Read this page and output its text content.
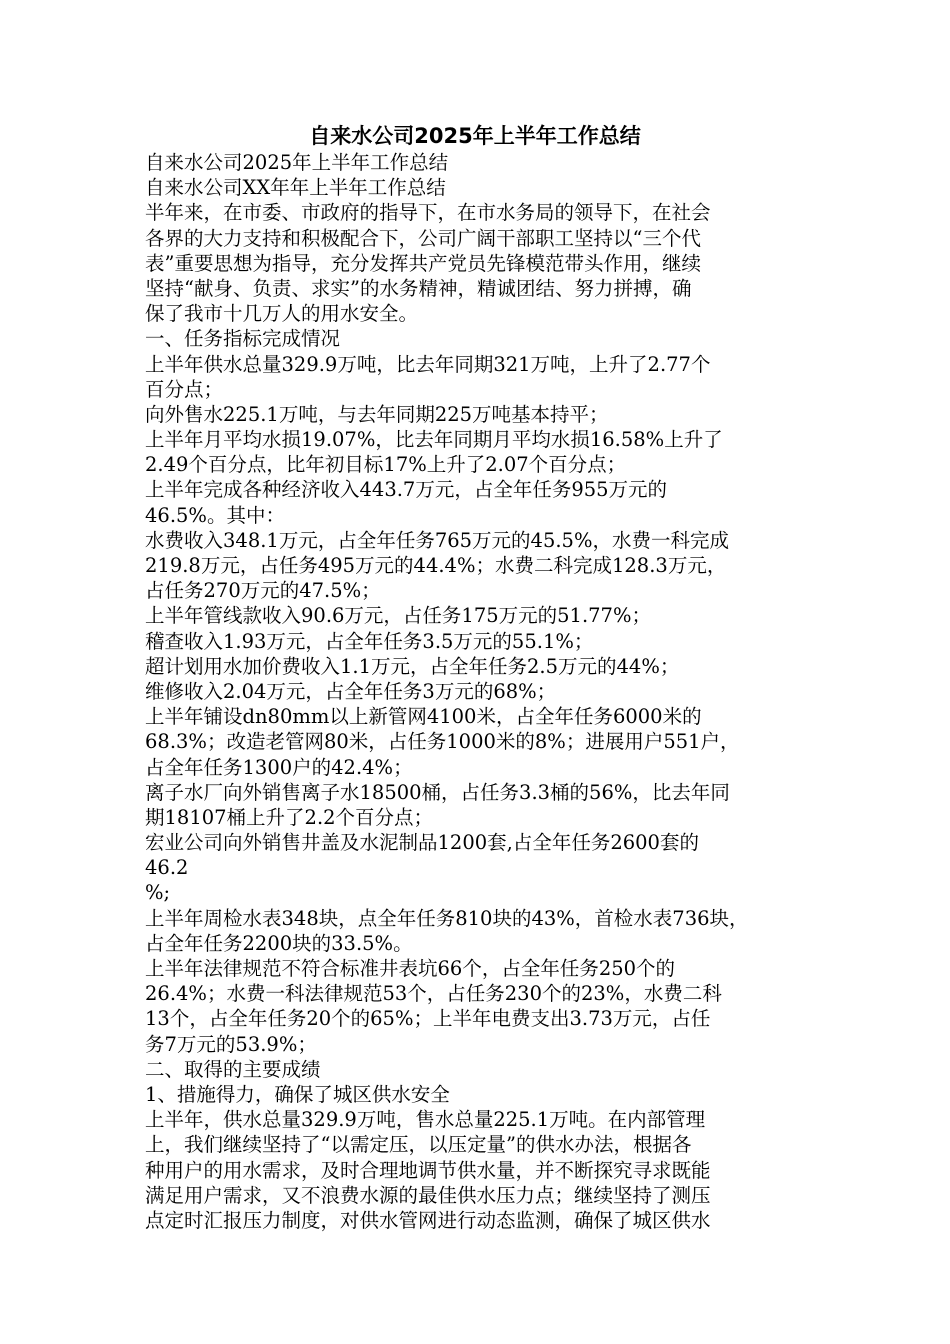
自来水公司2025年上半年工作总结
自来水公司2025年上半年工作总结
自来水公司XX年年上半年工作总结
半年来，在市委、市政府的指导下，在市水务局的领导下，在社会
各界的大力支持和积极配合下，公司广阔干部职工坚持以“三个代
表”重要思想为指导，充分发挥共产党员先锋模范带头作用，继续
坚持“献身、负责、求实”的水务精神，精诚团结、努力拼搏，确
保了我市十几万人的用水安全。
一、任务指标完成情况
上半年供水总量329.9万吨，比去年同期321万吨，上升了2.77个
百分点；
向外售水225.1万吨，与去年同期225万吨基本持平；
上半年月平均水损19.07%，比去年同期月平均水损16.58%上升了
2.49个百分点，比年初目标17%上升了2.07个百分点；
上半年完成各种经济收入443.7万元，占全年任务955万元的
46.5%。其中：
水费收入348.1万元，占全年任务765万元的45.5%，水费一科完成
219.8万元，占任务495万元的44.4%；水费二科完成128.3万元，
占任务270万元的47.5%；
上半年管线款收入90.6万元，占任务175万元的51.77%；
稽查收入1.93万元，占全年任务3.5万元的55.1%；
超计划用水加价费收入1.1万元，占全年任务2.5万元的44%；
维修收入2.04万元，占全年任务3万元的68%；
上半年铺设dn80mm以上新管网4100米，占全年任务6000米的
68.3%；改造老管网80米，占任务1000米的8%；进展用户551户，
占全年任务1300户的42.4%；
离子水厂向外销售离子水18500桶，占任务3.3桶的56%，比去年同
期18107桶上升了2.2个百分点；
宏业公司向外销售井盖及水泥制品1200套,占全年任务2600套的
46.2
%;
上半年周检水表348块，点全年任务810块的43%，首检水表736块，
占全年任务2200块的33.5%。
上半年法律规范不符合标准井表坑66个，占全年任务250个的
26.4%；水费一科法律规范53个，占任务230个的23%，水费二科
13个，占全年任务20个的65%；上半年电费支出3.73万元，占任
务7万元的53.9%；
二、取得的主要成绩
1、措施得力，确保了城区供水安全
上半年，供水总量329.9万吨，售水总量225.1万吨。在内部管理
上，我们继续坚持了“以需定压，以压定量”的供水办法，根据各
种用户的用水需求，及时合理地调节供水量，并不断探究寻求既能
满足用户需求，又不浪费水源的最佳供水压力点；继续坚持了测压
点定时汇报压力制度，对供水管网进行动态监测，确保了城区供水
